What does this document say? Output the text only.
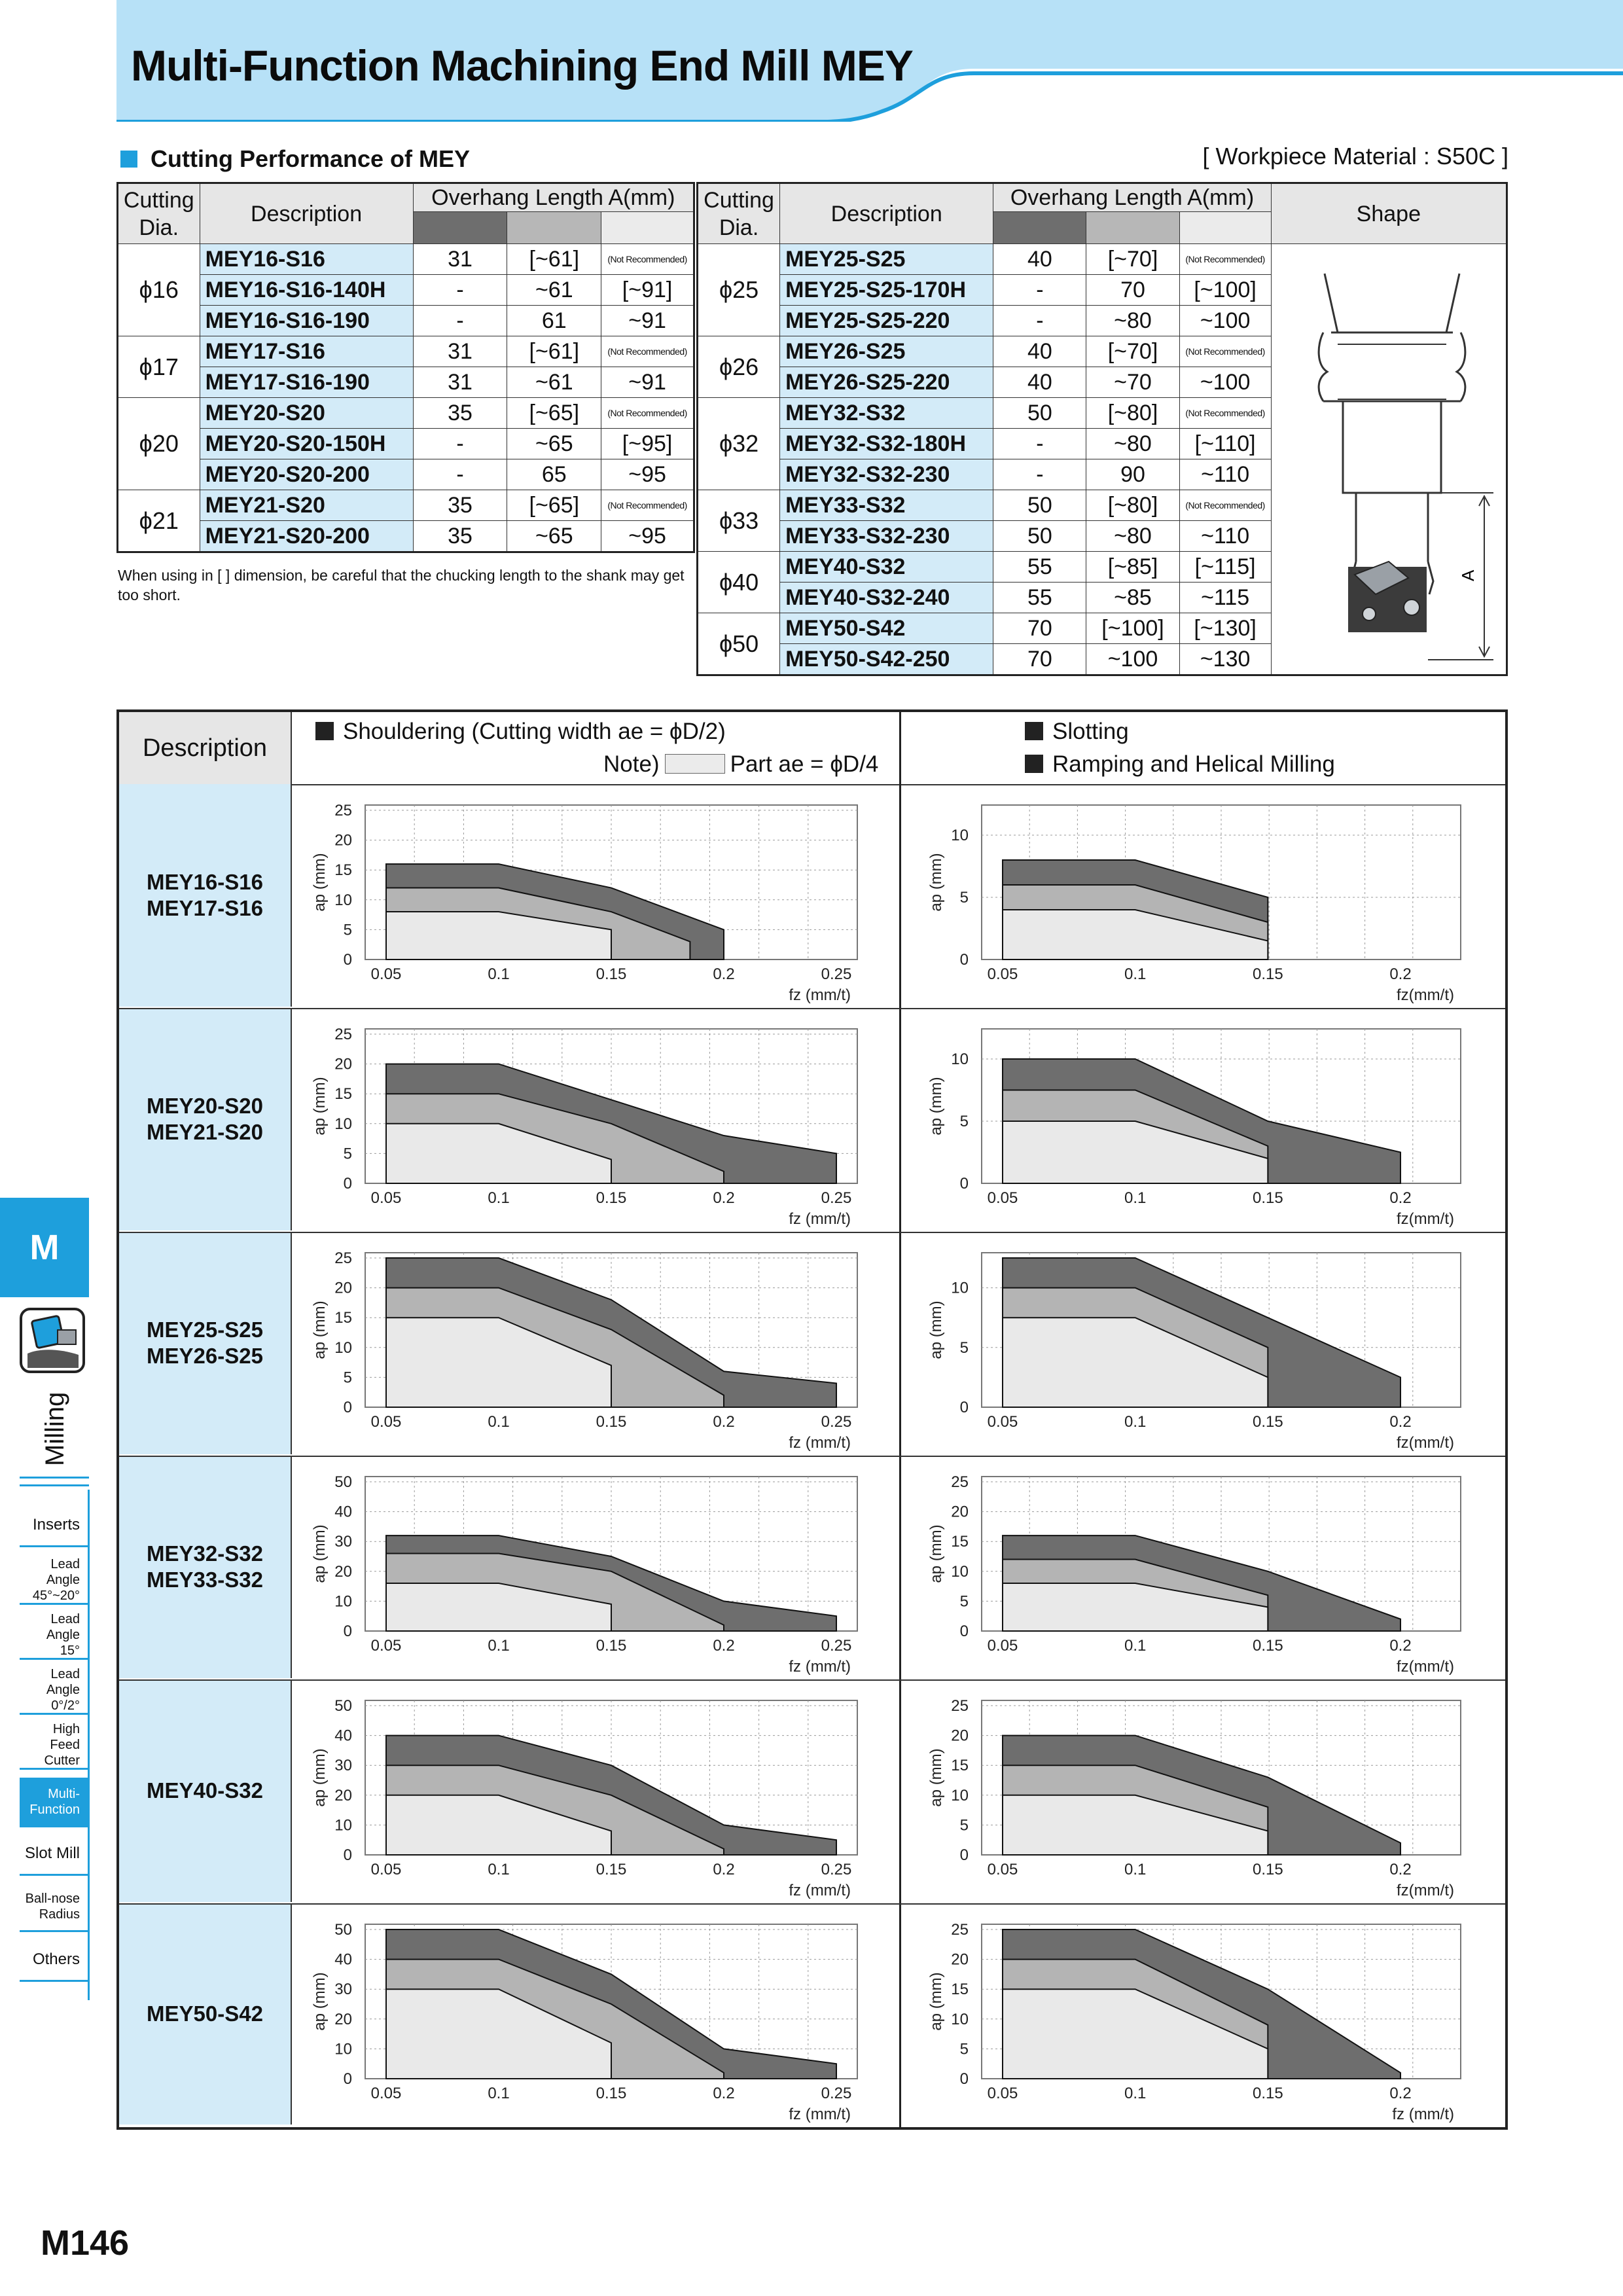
Multi-Function Machining End Mill MEY
Cutting Performance of MEY	[ Workpiece Material : S50C ]
Cutting
Dia.	Description	Overhang Length A(mm)		

ϕ16	MEY16-S16	31	[~61]	(Not Recommended)
	MEY16-S16-140H	-	~61	[~91]
	MEY16-S16-190	-	61	~91
ϕ17	MEY17-S16	31	[~61]	(Not Recommended)
	MEY17-S16-190	31	~61	~91
ϕ20	MEY20-S20	35	[~65]	(Not Recommended)
	MEY20-S20-150H	-	~65	[~95]
	MEY20-S20-200	-	65	~95
ϕ21	MEY21-S20	35	[~65]	(Not Recommended)
	MEY21-S20-200	35	~65	~95
Cutting
Dia.	Description	Overhang Length A(mm)			Shape

ϕ25	MEY25-S25	40	[~70]	(Not Recommended)	
	MEY25-S25-170H	-	70	[~100]	
	MEY25-S25-220	-	~80	~100	
ϕ26	MEY26-S25	40	[~70]	(Not Recommended)	
	MEY26-S25-220	40	~70	~100	
ϕ32	MEY32-S32	50	[~80]	(Not Recommended)	
	MEY32-S32-180H	-	~80	[~110]	
	MEY32-S32-230	-	90	~110	
ϕ33	MEY33-S32	50	[~80]	(Not Recommended)	
	MEY33-S32-230	50	~80	~110	
ϕ40	MEY40-S32	55	[~85]	[~115]	
	MEY40-S32-240	55	~85	~115	
ϕ50	MEY50-S42	70	[~100]	[~130]	
	MEY50-S42-250	70	~100	~130	
A
When using in [ ] dimension, be careful that the chucking length to the shank may get too short.
Description
Shouldering (Cutting width ae = ϕD/2)
Note)	Part ae = ϕD/4
Slotting
Ramping and Helical Milling
MEY16-S16
MEY17-S16
MEY20-S20
MEY21-S20
MEY25-S25
MEY26-S25
MEY32-S32
MEY33-S32
MEY40-S32
MEY50-S42
0
5
10
15
20
25
0.05	0.1	0.15	0.2	0.25
fz (mm/t)
ap (mm)
0
5
10
0.05	0.1	0.15	0.2
fz(mm/t)
ap (mm)
0
5
10
15
20
25
0.05	0.1	0.15	0.2	0.25
fz (mm/t)
ap (mm)
0
5
10
0.05	0.1	0.15	0.2
fz(mm/t)
ap (mm)
0
5
10
15
20
25
0.05	0.1	0.15	0.2	0.25
fz (mm/t)
ap (mm)
0
5
10
0.05	0.1	0.15	0.2
fz(mm/t)
ap (mm)
0
10
20
30
40
50
0.05	0.1	0.15	0.2	0.25
fz (mm/t)
ap (mm)
0
5
10
15
20
25
0.05	0.1	0.15	0.2
fz(mm/t)
ap (mm)
0
10
20
30
40
50
0.05	0.1	0.15	0.2	0.25
fz (mm/t)
ap (mm)
0
5
10
15
20
25
0.05	0.1	0.15	0.2
fz(mm/t)
ap (mm)
0
10
20
30
40
50
0.05	0.1	0.15	0.2	0.25
fz (mm/t)
ap (mm)
0
5
10
15
20
25
0.05	0.1	0.15	0.2
fz (mm/t)
ap (mm)
M
Milling
Inserts
Lead Angle
45°~20°
Lead Angle
15°
Lead Angle
0°/2°
High Feed
Cutter
Multi-
Function
Slot Mill
Ball-nose
Radius
Others
M146
